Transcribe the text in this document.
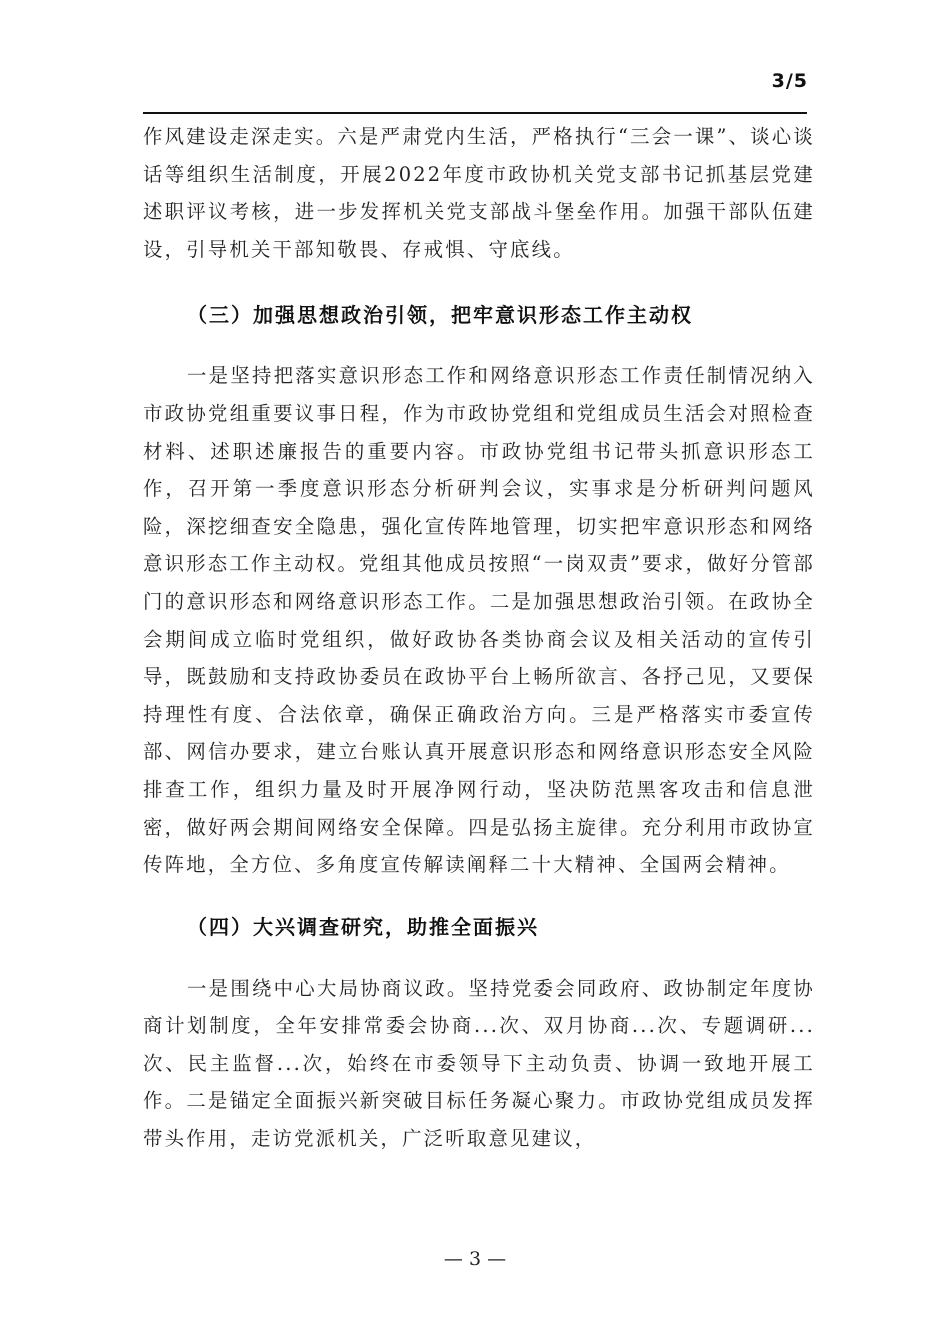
3/5

作风建设走深走实。六是严肃党内生活，严格执行“三会一课”、谈心谈话等组织生活制度，开展2022年度市政协机关党支部书记抓基层党建述职评议考核，进一步发挥机关党支部战斗堡垒作用。加强干部队伍建设，引导机关干部知敬畏、存戒惧、守底线。

（三）加强思想政治引领，把牢意识形态工作主动权

一是坚持把落实意识形态工作和网络意识形态工作责任制情况纳入市政协党组重要议事日程，作为市政协党组和党组成员生活会对照检查材料、述职述廉报告的重要内容。市政协党组书记带头抓意识形态工作，召开第一季度意识形态分析研判会议，实事求是分析研判问题风险，深挖细查安全隐患，强化宣传阵地管理，切实把牢意识形态和网络意识形态工作主动权。党组其他成员按照“一岗双责”要求，做好分管部门的意识形态和网络意识形态工作。二是加强思想政治引领。在政协全会期间成立临时党组织，做好政协各类协商会议及相关活动的宣传引导，既鼓励和支持政协委员在政协平台上畅所欲言、各抒己见，又要保持理性有度、合法依章，确保正确政治方向。三是严格落实市委宣传部、网信办要求，建立台账认真开展意识形态和网络意识形态安全风险排查工作，组织力量及时开展净网行动，坚决防范黑客攻击和信息泄密，做好两会期间网络安全保障。四是弘扬主旋律。充分利用市政协宣传阵地，全方位、多角度宣传解读阐释二十大精神、全国两会精神。

（四）大兴调查研究，助推全面振兴

一是围绕中心大局协商议政。坚持党委会同政府、政协制定年度协商计划制度，全年安排常委会协商...次、双月协商...次、专题调研...次、民主监督...次，始终在市委领导下主动负责、协调一致地开展工作。二是锚定全面振兴新突破目标任务凝心聚力。市政协党组成员发挥带头作用，走访党派机关，广泛听取意见建议，

— 3 —
